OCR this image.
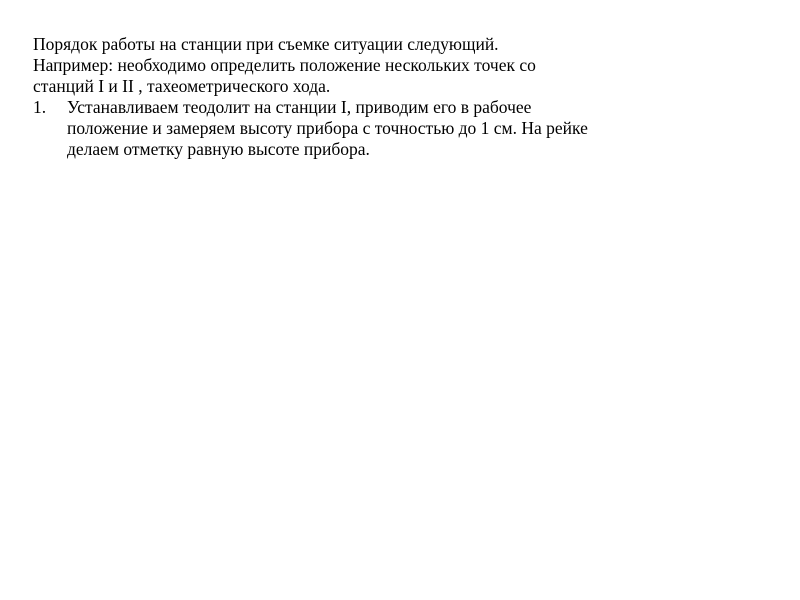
Порядок работы на станции при съемке ситуации следующий.

Например: необходимо определить положение нескольких точек со

станций I и II , тахеометрического хода.

1.	Устанавливаем теодолит на станции I, приводим его в рабочее
положение и замеряем высоту прибора с точностью до 1 см. На рейке
делаем отметку равную высоте прибора.
